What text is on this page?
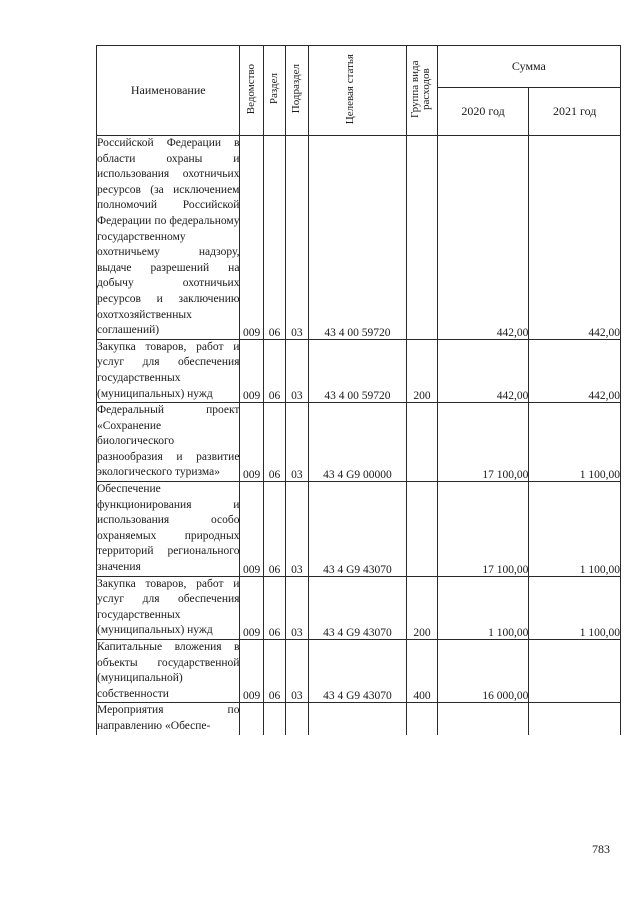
Наименование	Ведомство	Раздел	Подраздел	Целевая статья	Группа вида расходов	Сумма	
						2020 год	2021 год
Российской Федерации в области охраны и использования охотничьих ресурсов (за исключением полномочий Российской Федерации по федеральному государственному охотничьему надзору, выдаче разрешений на добычу охотничьих ресурсов и заключению охотхозяйственных соглашений)	009	06	03	43 4 00 59720		442,00	442,00
Закупка товаров, работ и услуг для обеспечения государственных (муниципальных) нужд	009	06	03	43 4 00 59720	200	442,00	442,00
Федеральный проект «Сохранение биологического разнообразия и развитие экологического туризма»	009	06	03	43 4 G9 00000		17 100,00	1 100,00
Обеспечение функционирования и использования особо охраняемых природных территорий регионального значения	009	06	03	43 4 G9 43070		17 100,00	1 100,00
Закупка товаров, работ и услуг для обеспечения государственных (муниципальных) нужд	009	06	03	43 4 G9 43070	200	1 100,00	1 100,00
Капитальные вложения в объекты государственной (муниципальной) собственности	009	06	03	43 4 G9 43070	400	16 000,00	
Мероприятия по направлению «Обеспе-							
783
